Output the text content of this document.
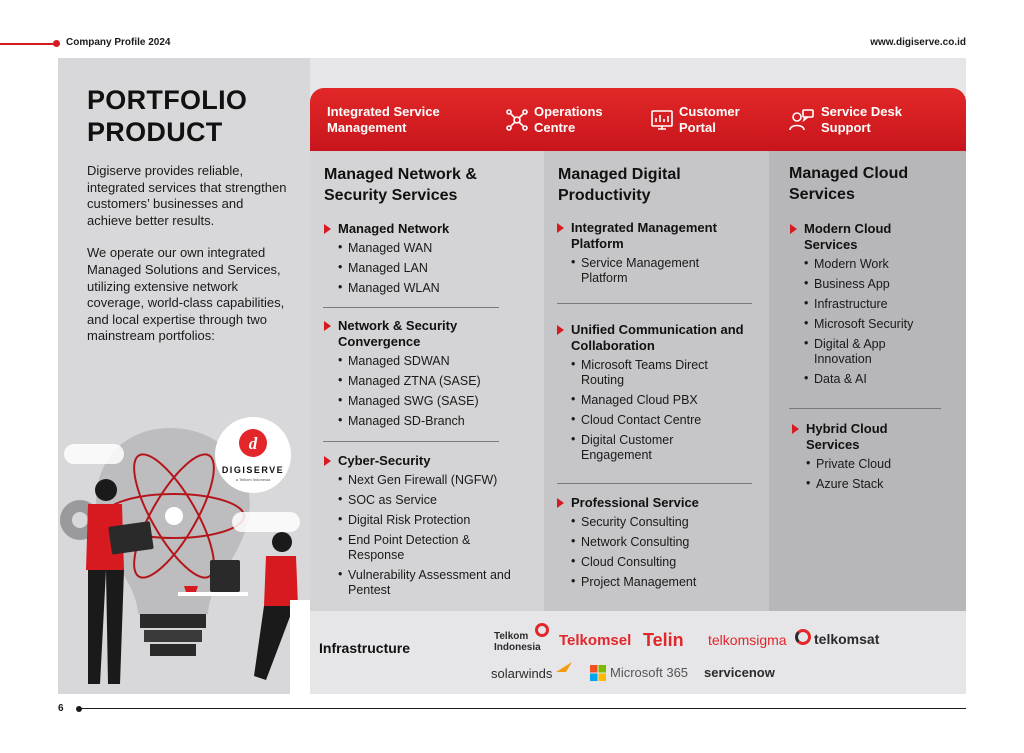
Company Profile 2024	www.digiserve.co.id
PORTFOLIO PRODUCT

Digiserve provides reliable, integrated services that strengthen customers’ businesses and achieve better results.

We operate our own integrated Managed Solutions and Services, utilizing extensive network coverage, world-class capabilities, and local expertise through two mainstream portfolios:

d
DIGISERVE
a Telkom Indonesia
Integrated Service
Management
Operations
Centre
Customer
Portal
Service Desk
Support
Managed Network & Security Services
Managed Network
• Managed WAN
• Managed LAN
• Managed WLAN
Network & Security Convergence
• Managed SDWAN
• Managed ZTNA (SASE)
• Managed SWG (SASE)
• Managed SD-Branch
Cyber-Security
• Next Gen Firewall (NGFW)
• SOC as Service
• Digital Risk Protection
• End Point Detection & Response
• Vulnerability Assessment and Pentest
Managed Digital Productivity
Integrated Management Platform
• Service Management Platform
Unified Communication and Collaboration
• Microsoft Teams Direct Routing
• Managed Cloud PBX
• Cloud Contact Centre
• Digital Customer Engagement
Professional Service
• Security Consulting
• Network Consulting
• Cloud Consulting
• Project Management
Managed Cloud Services
Modern Cloud Services
• Modern Work
• Business App
• Infrastructure
• Microsoft Security
• Digital & App Innovation
• Data & AI
Hybrid Cloud Services
• Private Cloud
• Azure Stack
Infrastructure
Telkom Indonesia Telkomsel Telin telkomsigma telkomsat
solarwinds	Microsoft 365 servicenow
6
